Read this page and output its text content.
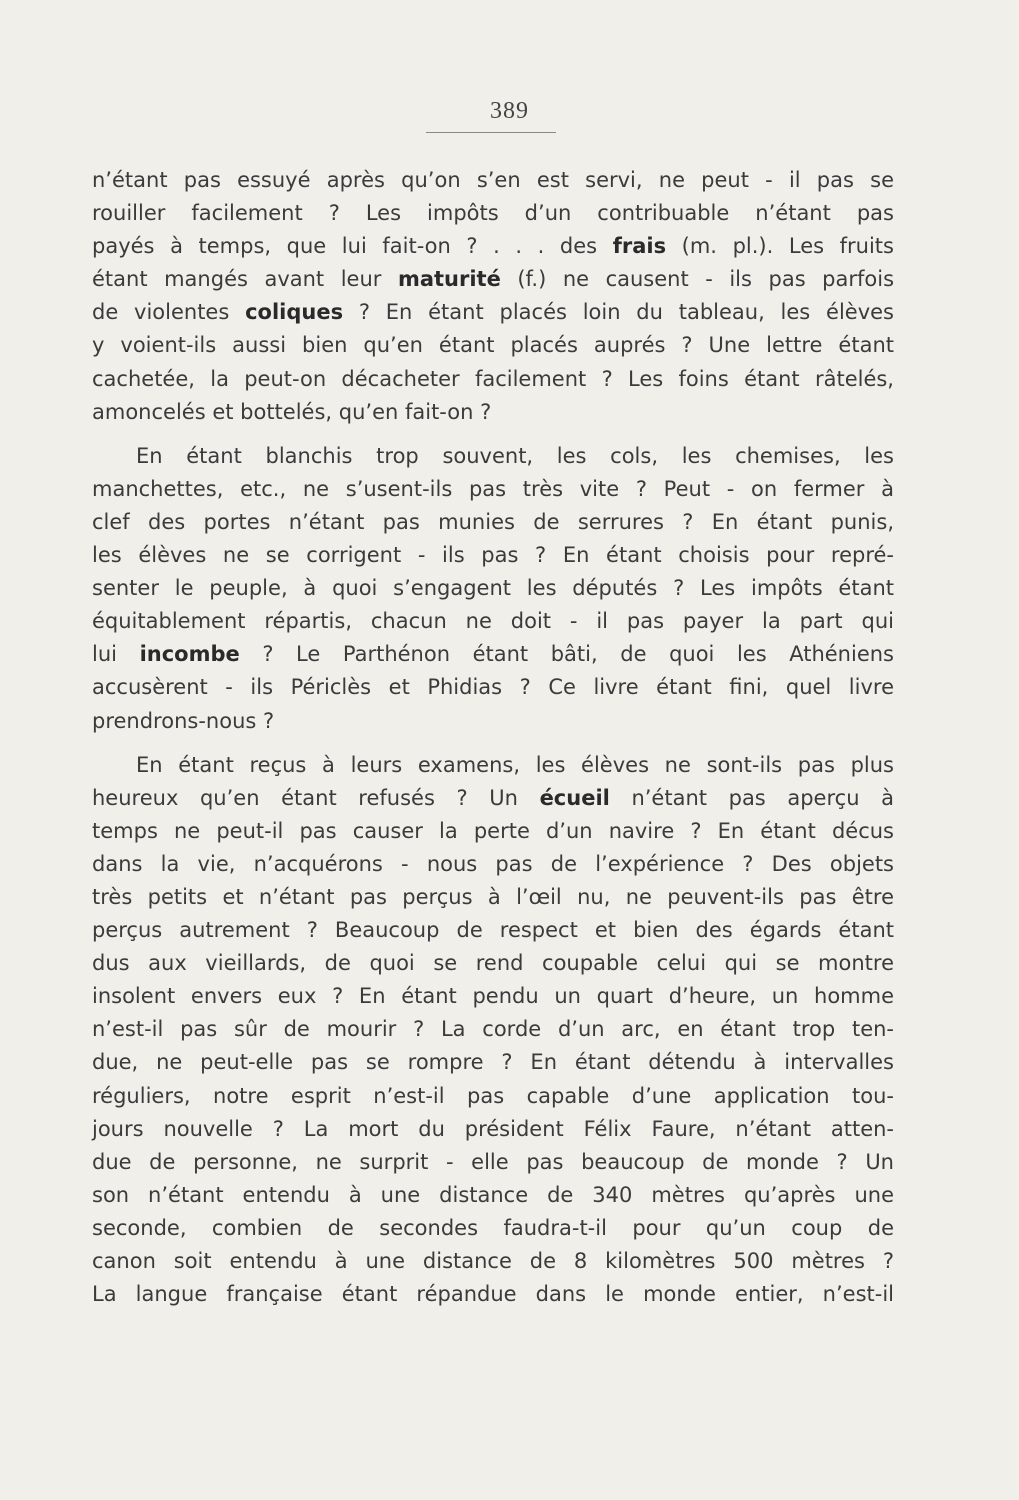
389
n’étant pas essuyé après qu’on s’en est servi, ne peut - il pas se
rouiller facilement ? Les impôts d’un contribuable n’étant pas
payés à temps, que lui fait-on ? . . . des frais (m. pl.). Les fruits
étant mangés avant leur maturité (f.) ne causent - ils pas parfois
de violentes coliques ? En étant placés loin du tableau, les élèves
y voient-ils aussi bien qu’en étant placés auprés ? Une lettre étant
cachetée, la peut-on décacheter facilement ? Les foins étant râtelés,
amoncelés et bottelés, qu’en fait-on ?
En étant blanchis trop souvent, les cols, les chemises, les
manchettes, etc., ne s’usent-ils pas très vite ? Peut - on fermer à
clef des portes n’étant pas munies de serrures ? En étant punis,
les élèves ne se corrigent - ils pas ? En étant choisis pour repré-
senter le peuple, à quoi s’engagent les députés ? Les impôts étant
équitablement répartis, chacun ne doit - il pas payer la part qui
lui incombe ? Le Parthénon étant bâti, de quoi les Athéniens
accusèrent - ils Périclès et Phidias ? Ce livre étant fini, quel livre
prendrons-nous ?
En étant reçus à leurs examens, les élèves ne sont-ils pas plus
heureux qu’en étant refusés ? Un écueil n’étant pas aperçu à
temps ne peut-il pas causer la perte d’un navire ? En étant décus
dans la vie, n’acquérons - nous pas de l’expérience ? Des objets
très petits et n’étant pas perçus à l’œil nu, ne peuvent-ils pas être
perçus autrement ? Beaucoup de respect et bien des égards étant
dus aux vieillards, de quoi se rend coupable celui qui se montre
insolent envers eux ? En étant pendu un quart d’heure, un homme
n’est-il pas sûr de mourir ? La corde d’un arc, en étant trop ten-
due, ne peut-elle pas se rompre ? En étant détendu à intervalles
réguliers, notre esprit n’est-il pas capable d’une application tou-
jours nouvelle ? La mort du président Félix Faure, n’étant atten-
due de personne, ne surprit - elle pas beaucoup de monde ? Un
son n’étant entendu à une distance de 340 mètres qu’après une
seconde, combien de secondes faudra-t-il pour qu’un coup de
canon soit entendu à une distance de 8 kilomètres 500 mètres ?
La langue française étant répandue dans le monde entier, n’est-il
